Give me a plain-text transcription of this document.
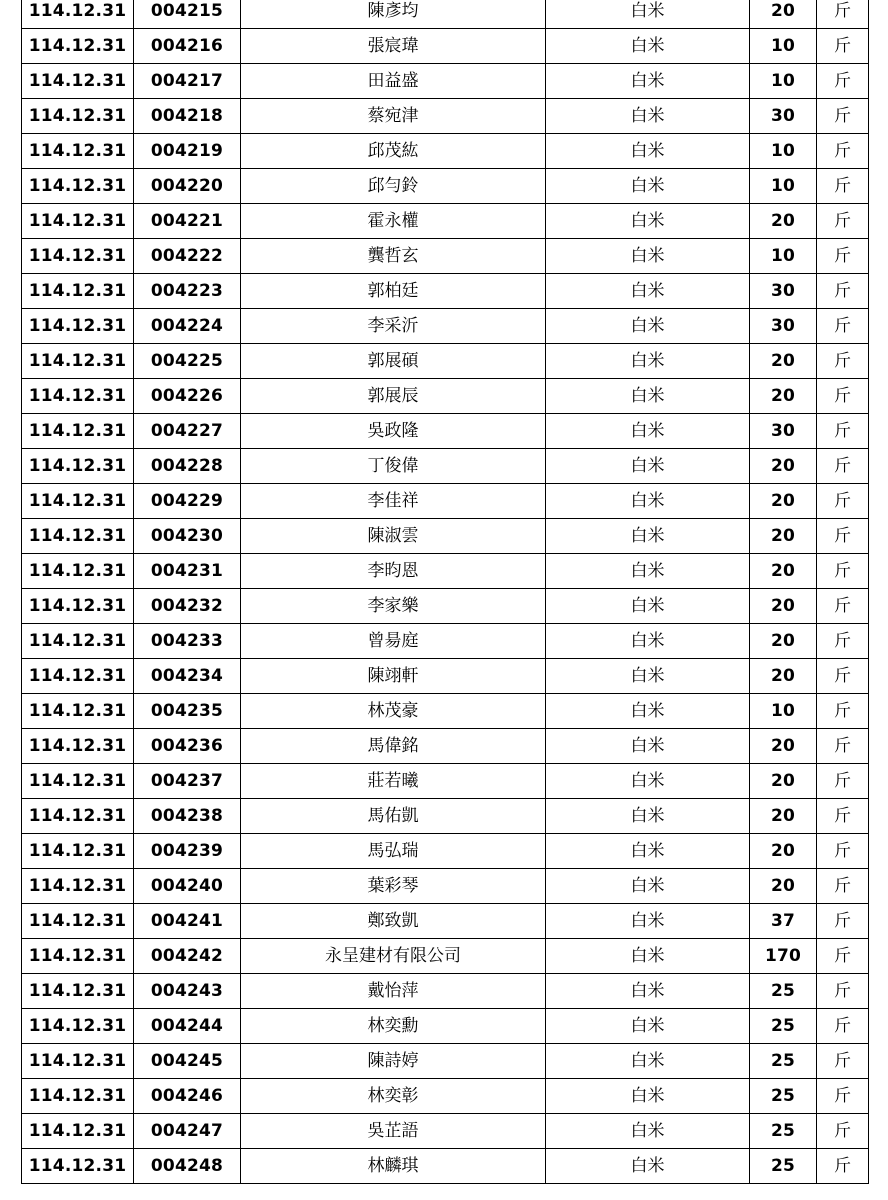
114.12.31	004215	陳彥均	白米	20	斤
114.12.31	004216	張宸瑋	白米	10	斤
114.12.31	004217	田益盛	白米	10	斤
114.12.31	004218	蔡宛津	白米	30	斤
114.12.31	004219	邱茂紘	白米	10	斤
114.12.31	004220	邱勻鈴	白米	10	斤
114.12.31	004221	霍永權	白米	20	斤
114.12.31	004222	龔哲玄	白米	10	斤
114.12.31	004223	郭柏廷	白米	30	斤
114.12.31	004224	李采沂	白米	30	斤
114.12.31	004225	郭展碩	白米	20	斤
114.12.31	004226	郭展辰	白米	20	斤
114.12.31	004227	吳政隆	白米	30	斤
114.12.31	004228	丁俊偉	白米	20	斤
114.12.31	004229	李佳祥	白米	20	斤
114.12.31	004230	陳淑雲	白米	20	斤
114.12.31	004231	李昀恩	白米	20	斤
114.12.31	004232	李家樂	白米	20	斤
114.12.31	004233	曾昜庭	白米	20	斤
114.12.31	004234	陳翊軒	白米	20	斤
114.12.31	004235	林茂豪	白米	10	斤
114.12.31	004236	馬偉銘	白米	20	斤
114.12.31	004237	莊若曦	白米	20	斤
114.12.31	004238	馬佑凱	白米	20	斤
114.12.31	004239	馬弘瑞	白米	20	斤
114.12.31	004240	葉彩琴	白米	20	斤
114.12.31	004241	鄭致凱	白米	37	斤
114.12.31	004242	永呈建材有限公司	白米	170	斤
114.12.31	004243	戴怡萍	白米	25	斤
114.12.31	004244	林奕勳	白米	25	斤
114.12.31	004245	陳詩婷	白米	25	斤
114.12.31	004246	林奕彰	白米	25	斤
114.12.31	004247	吳芷語	白米	25	斤
114.12.31	004248	林麟琪	白米	25	斤
